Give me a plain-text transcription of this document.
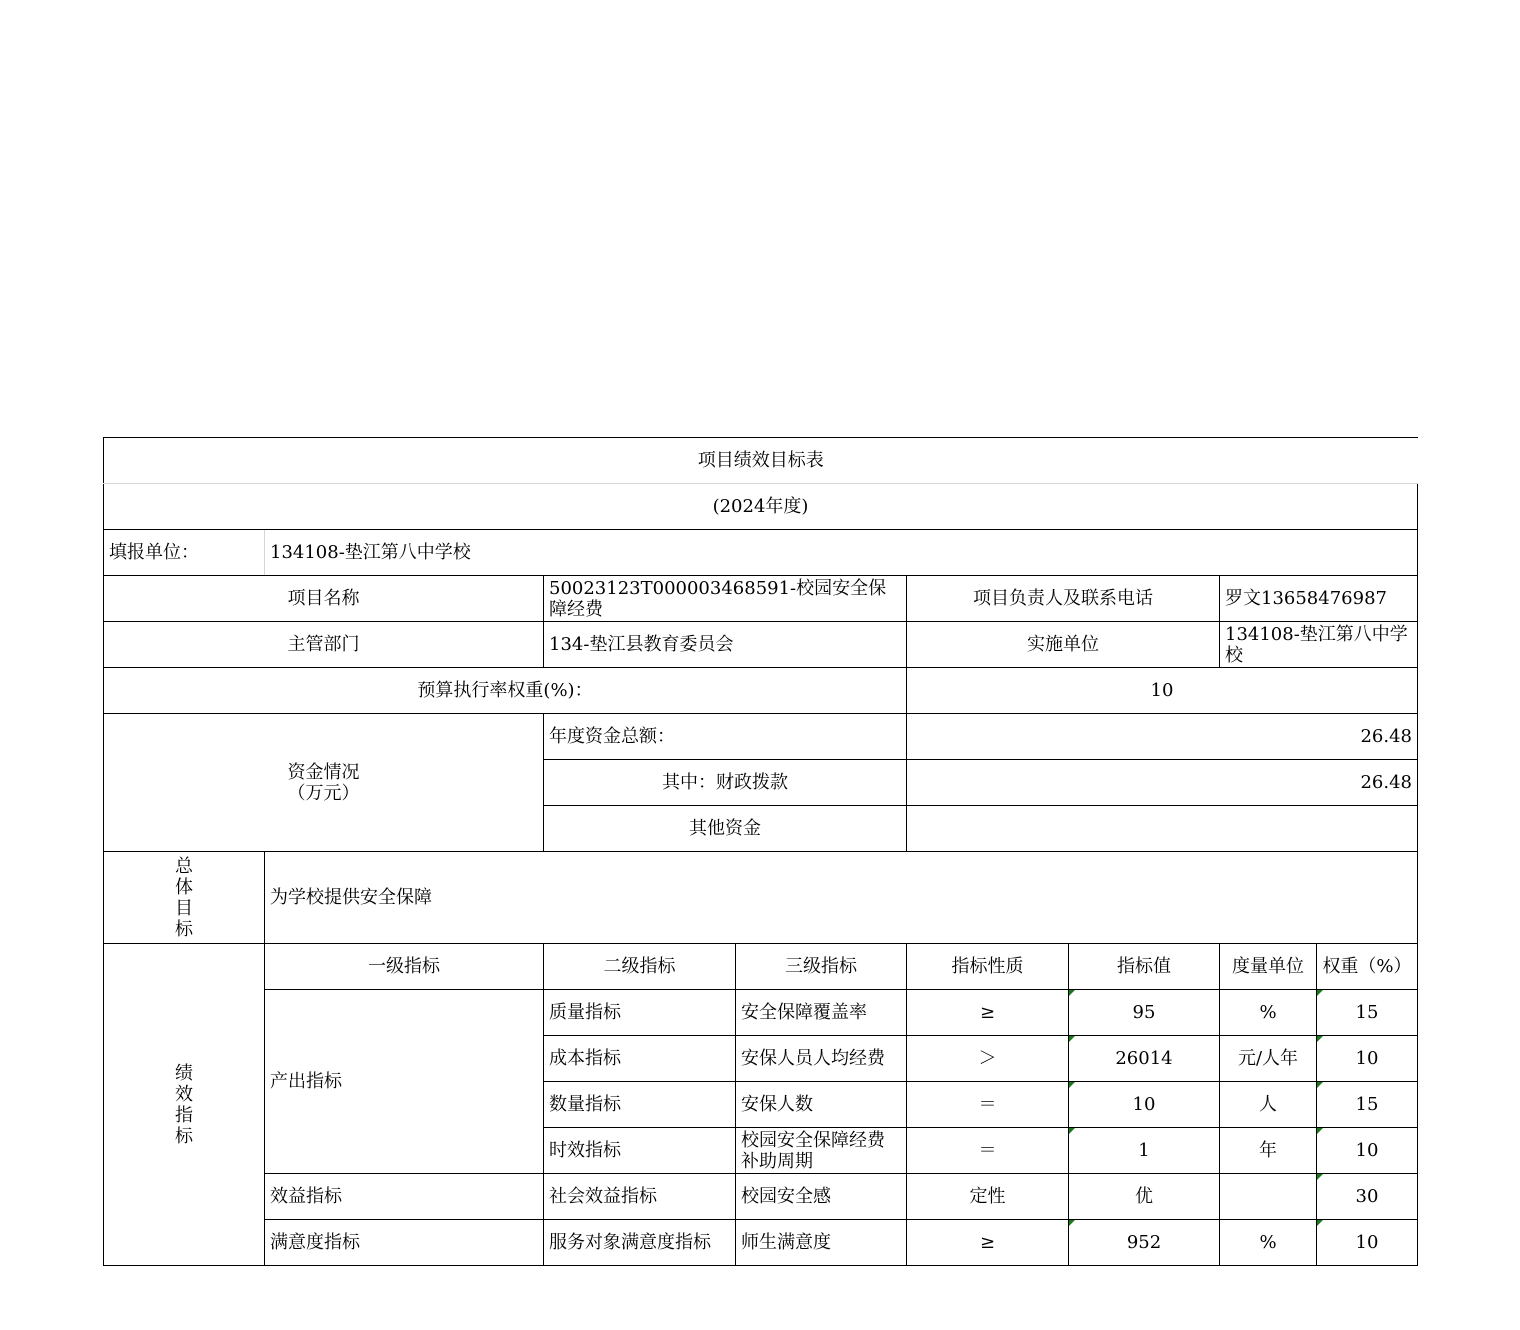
项目绩效目标表							
(2024年度)							
填报单位：	134108-垫江第八中学校						
项目名称		50023123T000003468591-校园安全保障经费		项目负责人及联系电话		罗文13658476987	
主管部门		134-垫江县教育委员会		实施单位		134108-垫江第八中学校	
预算执行率权重(%)：				10			
资金情况
（万元）		年度资金总额：		26.48			
		其中：财政拨款		26.48			
		其他资金					

总
体
目
标	为学校提供安全保障						

绩
效
指
标	一级指标	二级指标	三级指标	指标性质	指标值	度量单位	权重（%）
	产出指标	质量指标	安全保障覆盖率	≥	95	%	15
		成本指标	安保人员人均经费	＞	26014	元/人年	10
		数量指标	安保人数	＝	10	人	15
		时效指标	校园安全保障经费补助周期	＝	1	年	10
	效益指标	社会效益指标	校园安全感	定性	优		30
	满意度指标	服务对象满意度指标	师生满意度	≥	952	%	10
